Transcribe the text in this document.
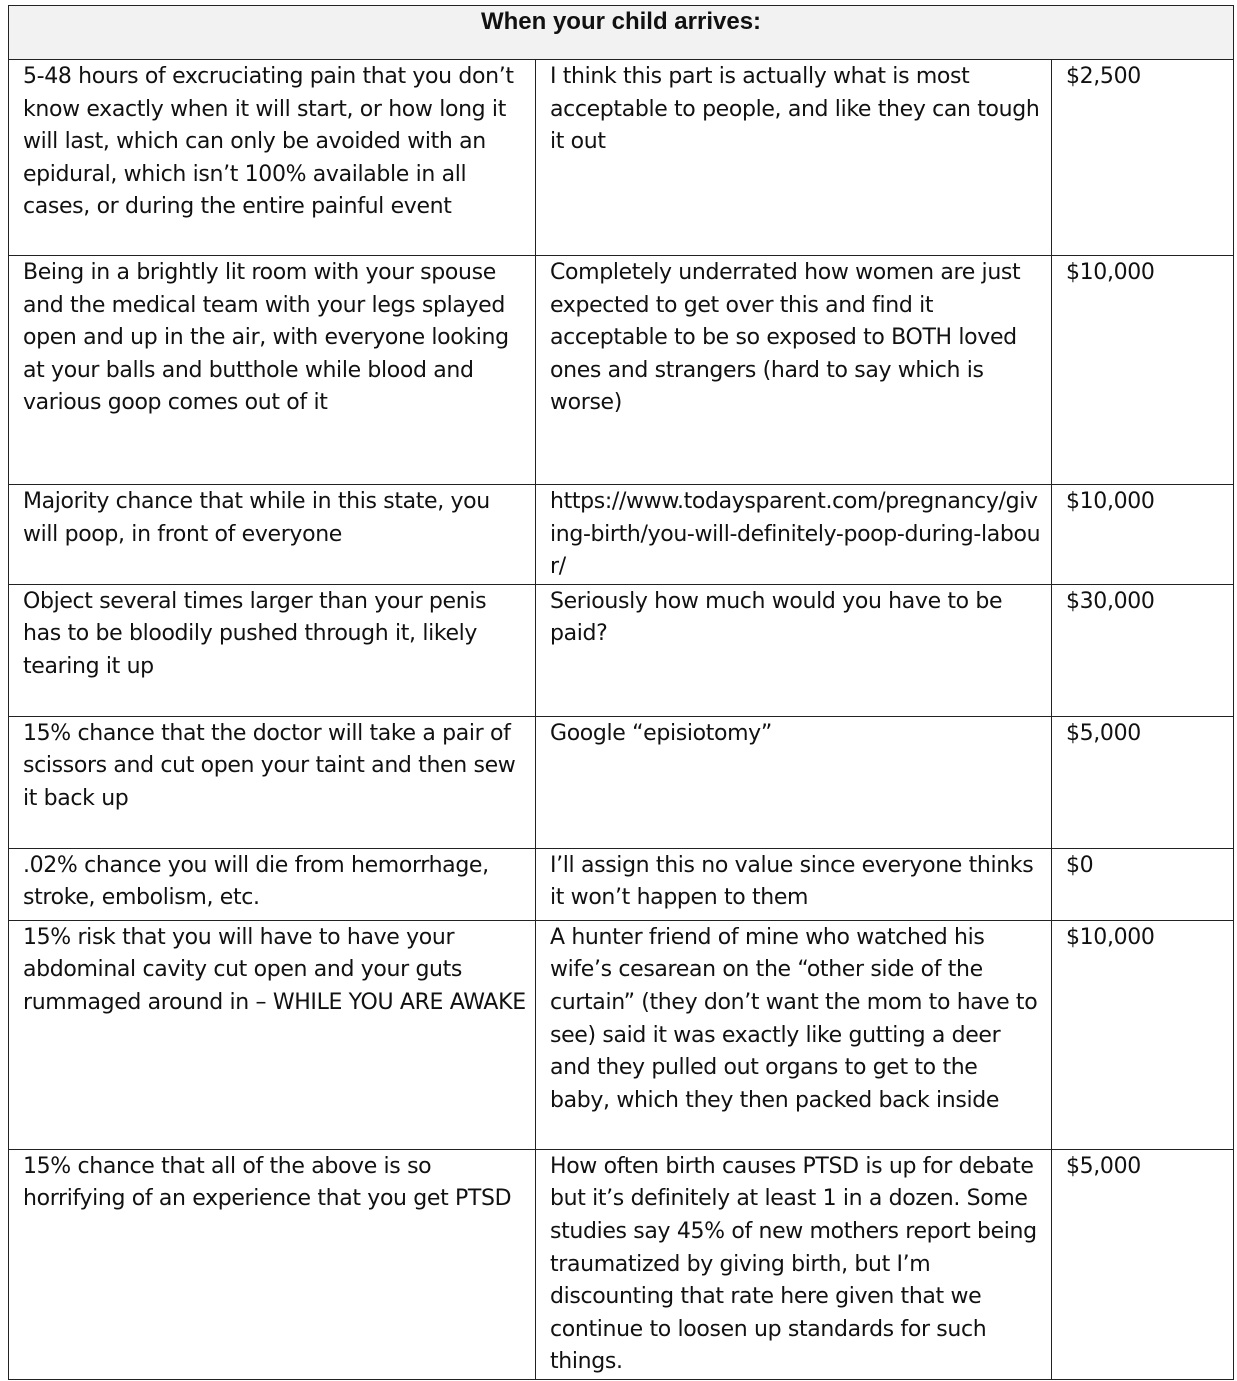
When your child arrives:		
5-48 hours of excruciating pain that you don’t know exactly when it will start, or how long it will last, which can only be avoided with an epidural, which isn’t 100% available in all cases, or during the entire painful event	I think this part is actually what is most acceptable to people, and like they can tough it out	$2,500
Being in a brightly lit room with your spouse and the medical team with your legs splayed open and up in the air, with everyone looking at your balls and butthole while blood and various goop comes out of it	Completely underrated how women are just expected to get over this and find it acceptable to be so exposed to BOTH loved ones and strangers (hard to say which is worse)	$10,000
Majority chance that while in this state, you will poop, in front of everyone	https://www.todaysparent.com/pregnancy/giving-birth/you-will-definitely-poop-during-labour/	$10,000
Object several times larger than your penis has to be bloodily pushed through it, likely tearing it up	Seriously how much would you have to be paid?	$30,000
15% chance that the doctor will take a pair of scissors and cut open your taint and then sew it back up	Google “episiotomy”	$5,000
.02% chance you will die from hemorrhage, stroke, embolism, etc.	I’ll assign this no value since everyone thinks it won’t happen to them	$0
15% risk that you will have to have your abdominal cavity cut open and your guts rummaged around in – WHILE YOU ARE AWAKE	A hunter friend of mine who watched his wife’s cesarean on the “other side of the curtain” (they don’t want the mom to have to see) said it was exactly like gutting a deer and they pulled out organs to get to the baby, which they then packed back inside	$10,000
15% chance that all of the above is so horrifying of an experience that you get PTSD	How often birth causes PTSD is up for debate but it’s definitely at least 1 in a dozen. Some studies say 45% of new mothers report being traumatized by giving birth, but I’m discounting that rate here given that we continue to loosen up standards for such things.	$5,000
